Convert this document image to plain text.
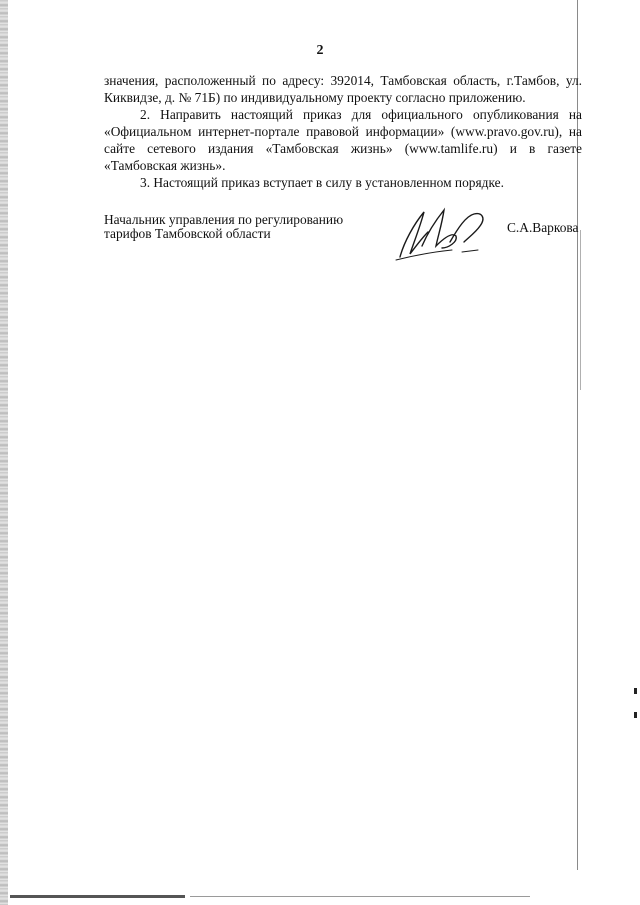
2

значения, расположенный по адресу: 392014, Тамбовская область, г.Тамбов, ул. Киквидзе, д. № 71Б) по индивидуальному проекту согласно приложению.

2. Направить настоящий приказ для официального опубликования на «Официальном интернет-портале правовой информации» (www.pravo.gov.ru), на сайте сетевого издания «Тамбовская жизнь» (www.tamlife.ru) и в газете «Тамбовская жизнь».

3. Настоящий приказ вступает в силу в установленном порядке.

Начальник управления по регулированию
тарифов Тамбовской области	С.А.Варкова
